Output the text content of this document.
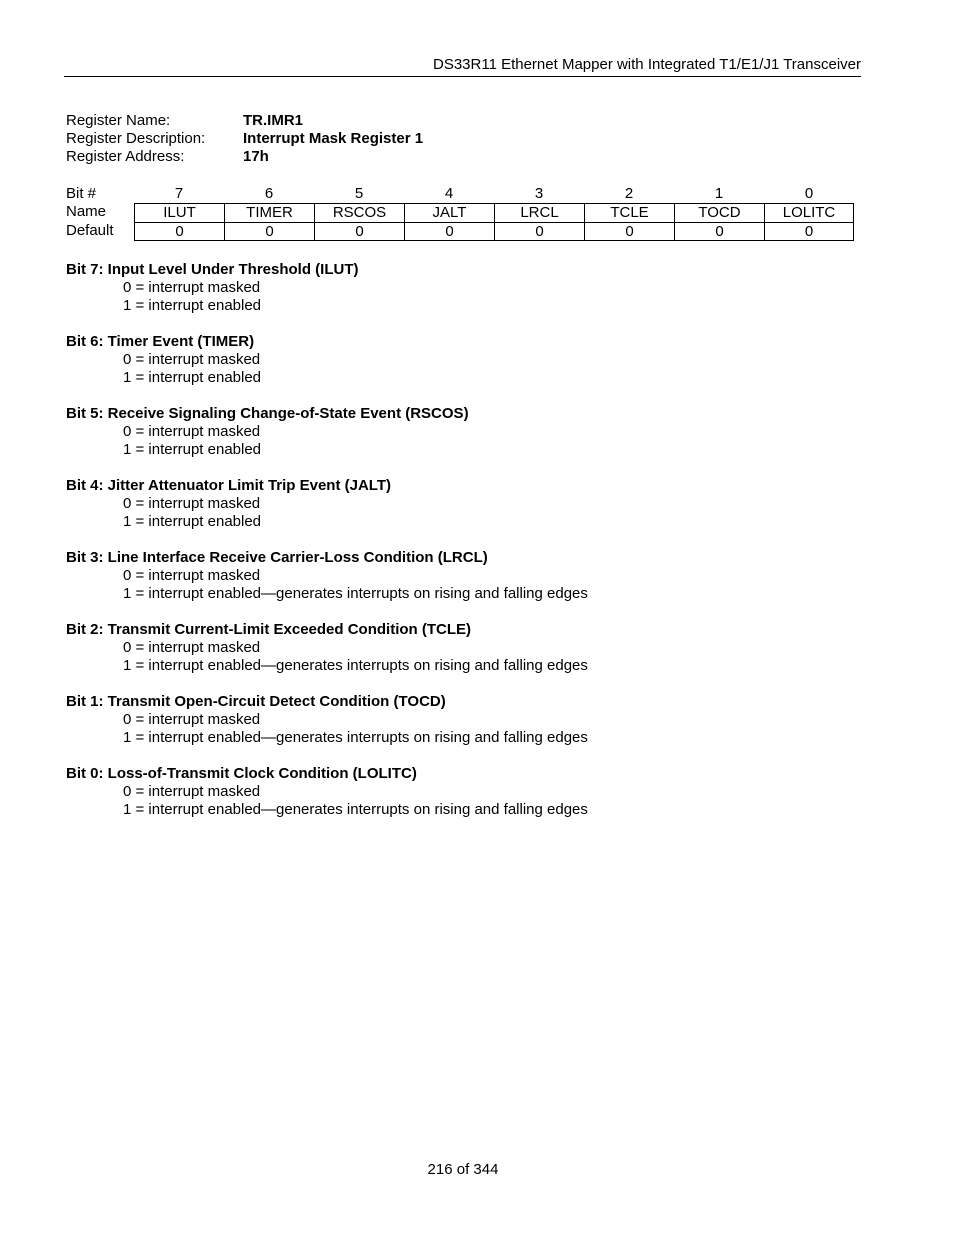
DS33R11 Ethernet Mapper with Integrated T1/E1/J1 Transceiver
Register Name:	TR.IMR1
Register Description:	Interrupt Mask Register 1
Register Address:	17h
Bit #	7	6	5	4	3	2	1	0
Name	ILUT	TIMER	RSCOS	JALT	LRCL	TCLE	TOCD	LOLITC
Default	0	0	0	0	0	0	0	0
Bit 7: Input Level Under Threshold (ILUT)
0 = interrupt masked
1 = interrupt enabled
Bit 6: Timer Event (TIMER)
0 = interrupt masked
1 = interrupt enabled
Bit 5: Receive Signaling Change-of-State Event (RSCOS)
0 = interrupt masked
1 = interrupt enabled
Bit 4: Jitter Attenuator Limit Trip Event (JALT)
0 = interrupt masked
1 = interrupt enabled
Bit 3: Line Interface Receive Carrier-Loss Condition (LRCL)
0 = interrupt masked
1 = interrupt enabled—generates interrupts on rising and falling edges
Bit 2: Transmit Current-Limit Exceeded Condition (TCLE)
0 = interrupt masked
1 = interrupt enabled—generates interrupts on rising and falling edges
Bit 1: Transmit Open-Circuit Detect Condition (TOCD)
0 = interrupt masked
1 = interrupt enabled—generates interrupts on rising and falling edges
Bit 0: Loss-of-Transmit Clock Condition (LOLITC)
0 = interrupt masked
1 = interrupt enabled—generates interrupts on rising and falling edges
216 of 344
